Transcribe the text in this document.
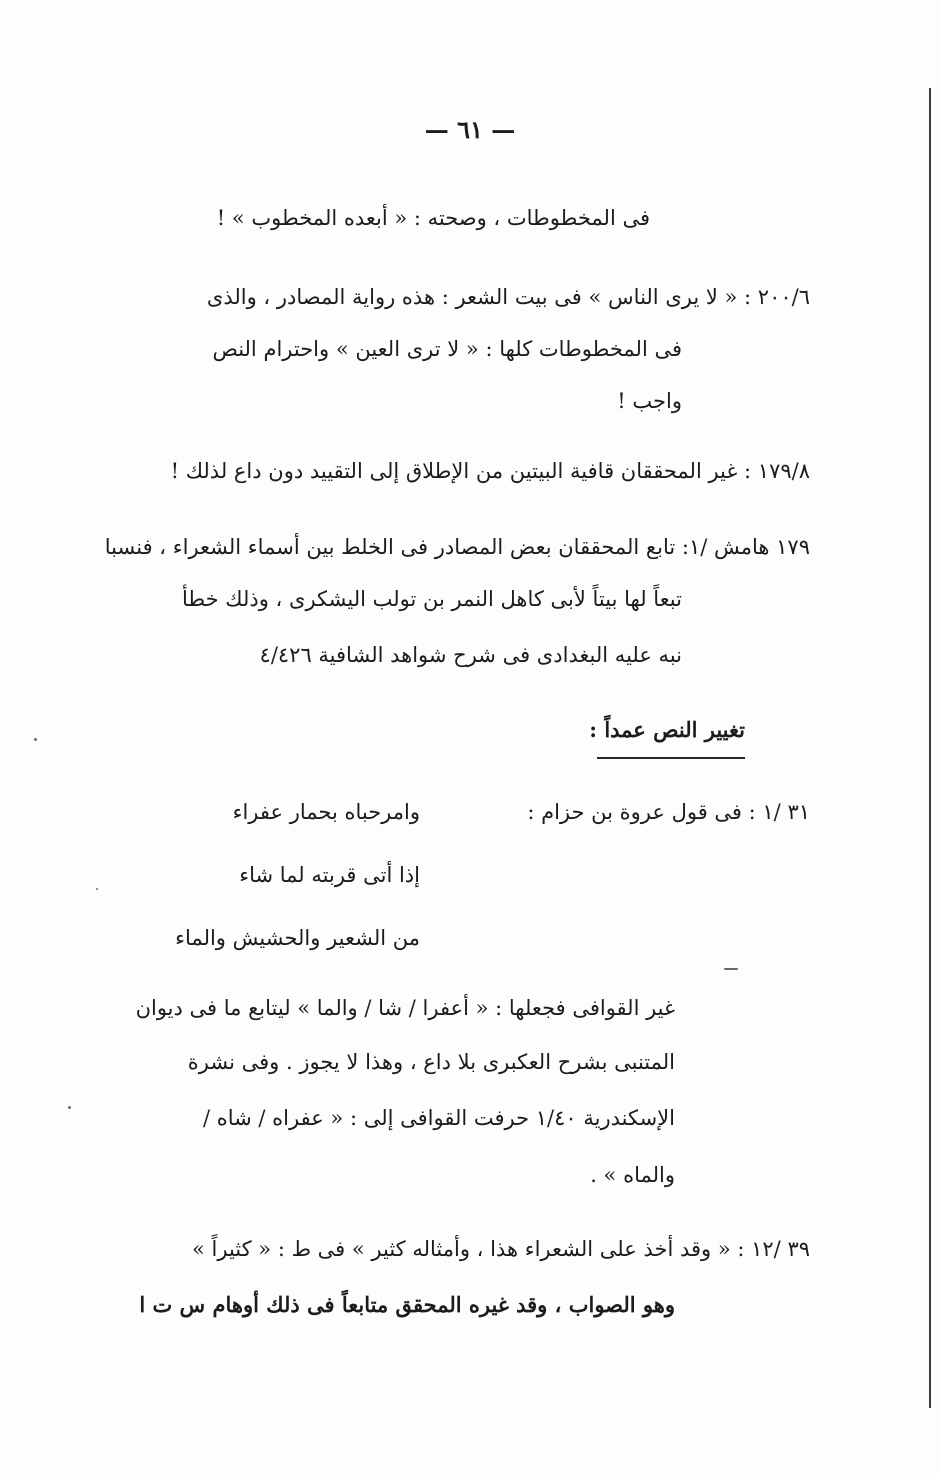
— ٦١ —
فى المخطوطات ، وصحته : « أبعده المخطوب » !
٢٠٠/٦ : « لا يرى الناس » فى بيت الشعر : هذه رواية المصادر ، والذى
فى المخطوطات كلها : « لا ترى العين » واحترام النص
واجب !
١٧٩/٨ : غير المحققان قافية البيتين من الإطلاق إلى التقييد دون داع لذلك !
١٧٩ هامش /١: تابع المحققان بعض المصادر فى الخلط بين أسماء الشعراء ، فنسبا
تبعاً لها بيتاً لأبى كاهل النمر بن تولب اليشكرى ، وذلك خطأ
نبه عليه البغدادى فى شرح شواهد الشافية ٤/٤٢٦
تغيير النص عمداً :
٣١ /١ : فى قول عروة بن حزام :
وامرحباه بحمار عفراء
إذا أتى قربته لما شاء
من الشعير والحشيش والماء
غير القوافى فجعلها : « أعفرا / شا / والما » ليتابع ما فى ديوان
المتنبى بشرح العكبرى بلا داع ، وهذا لا يجوز . وفى نشرة
الإسكندرية ١/٤٠ حرفت القوافى إلى : « عفراه / شاه /
والماه » .
٣٩ /١٢ : « وقد أخذ على الشعراء هذا ، وأمثاله كثير » فى ط : « كثيراً »
وهو الصواب ، وقد غيره المحقق متابعاً فى ذلك أوهام س ت ا
